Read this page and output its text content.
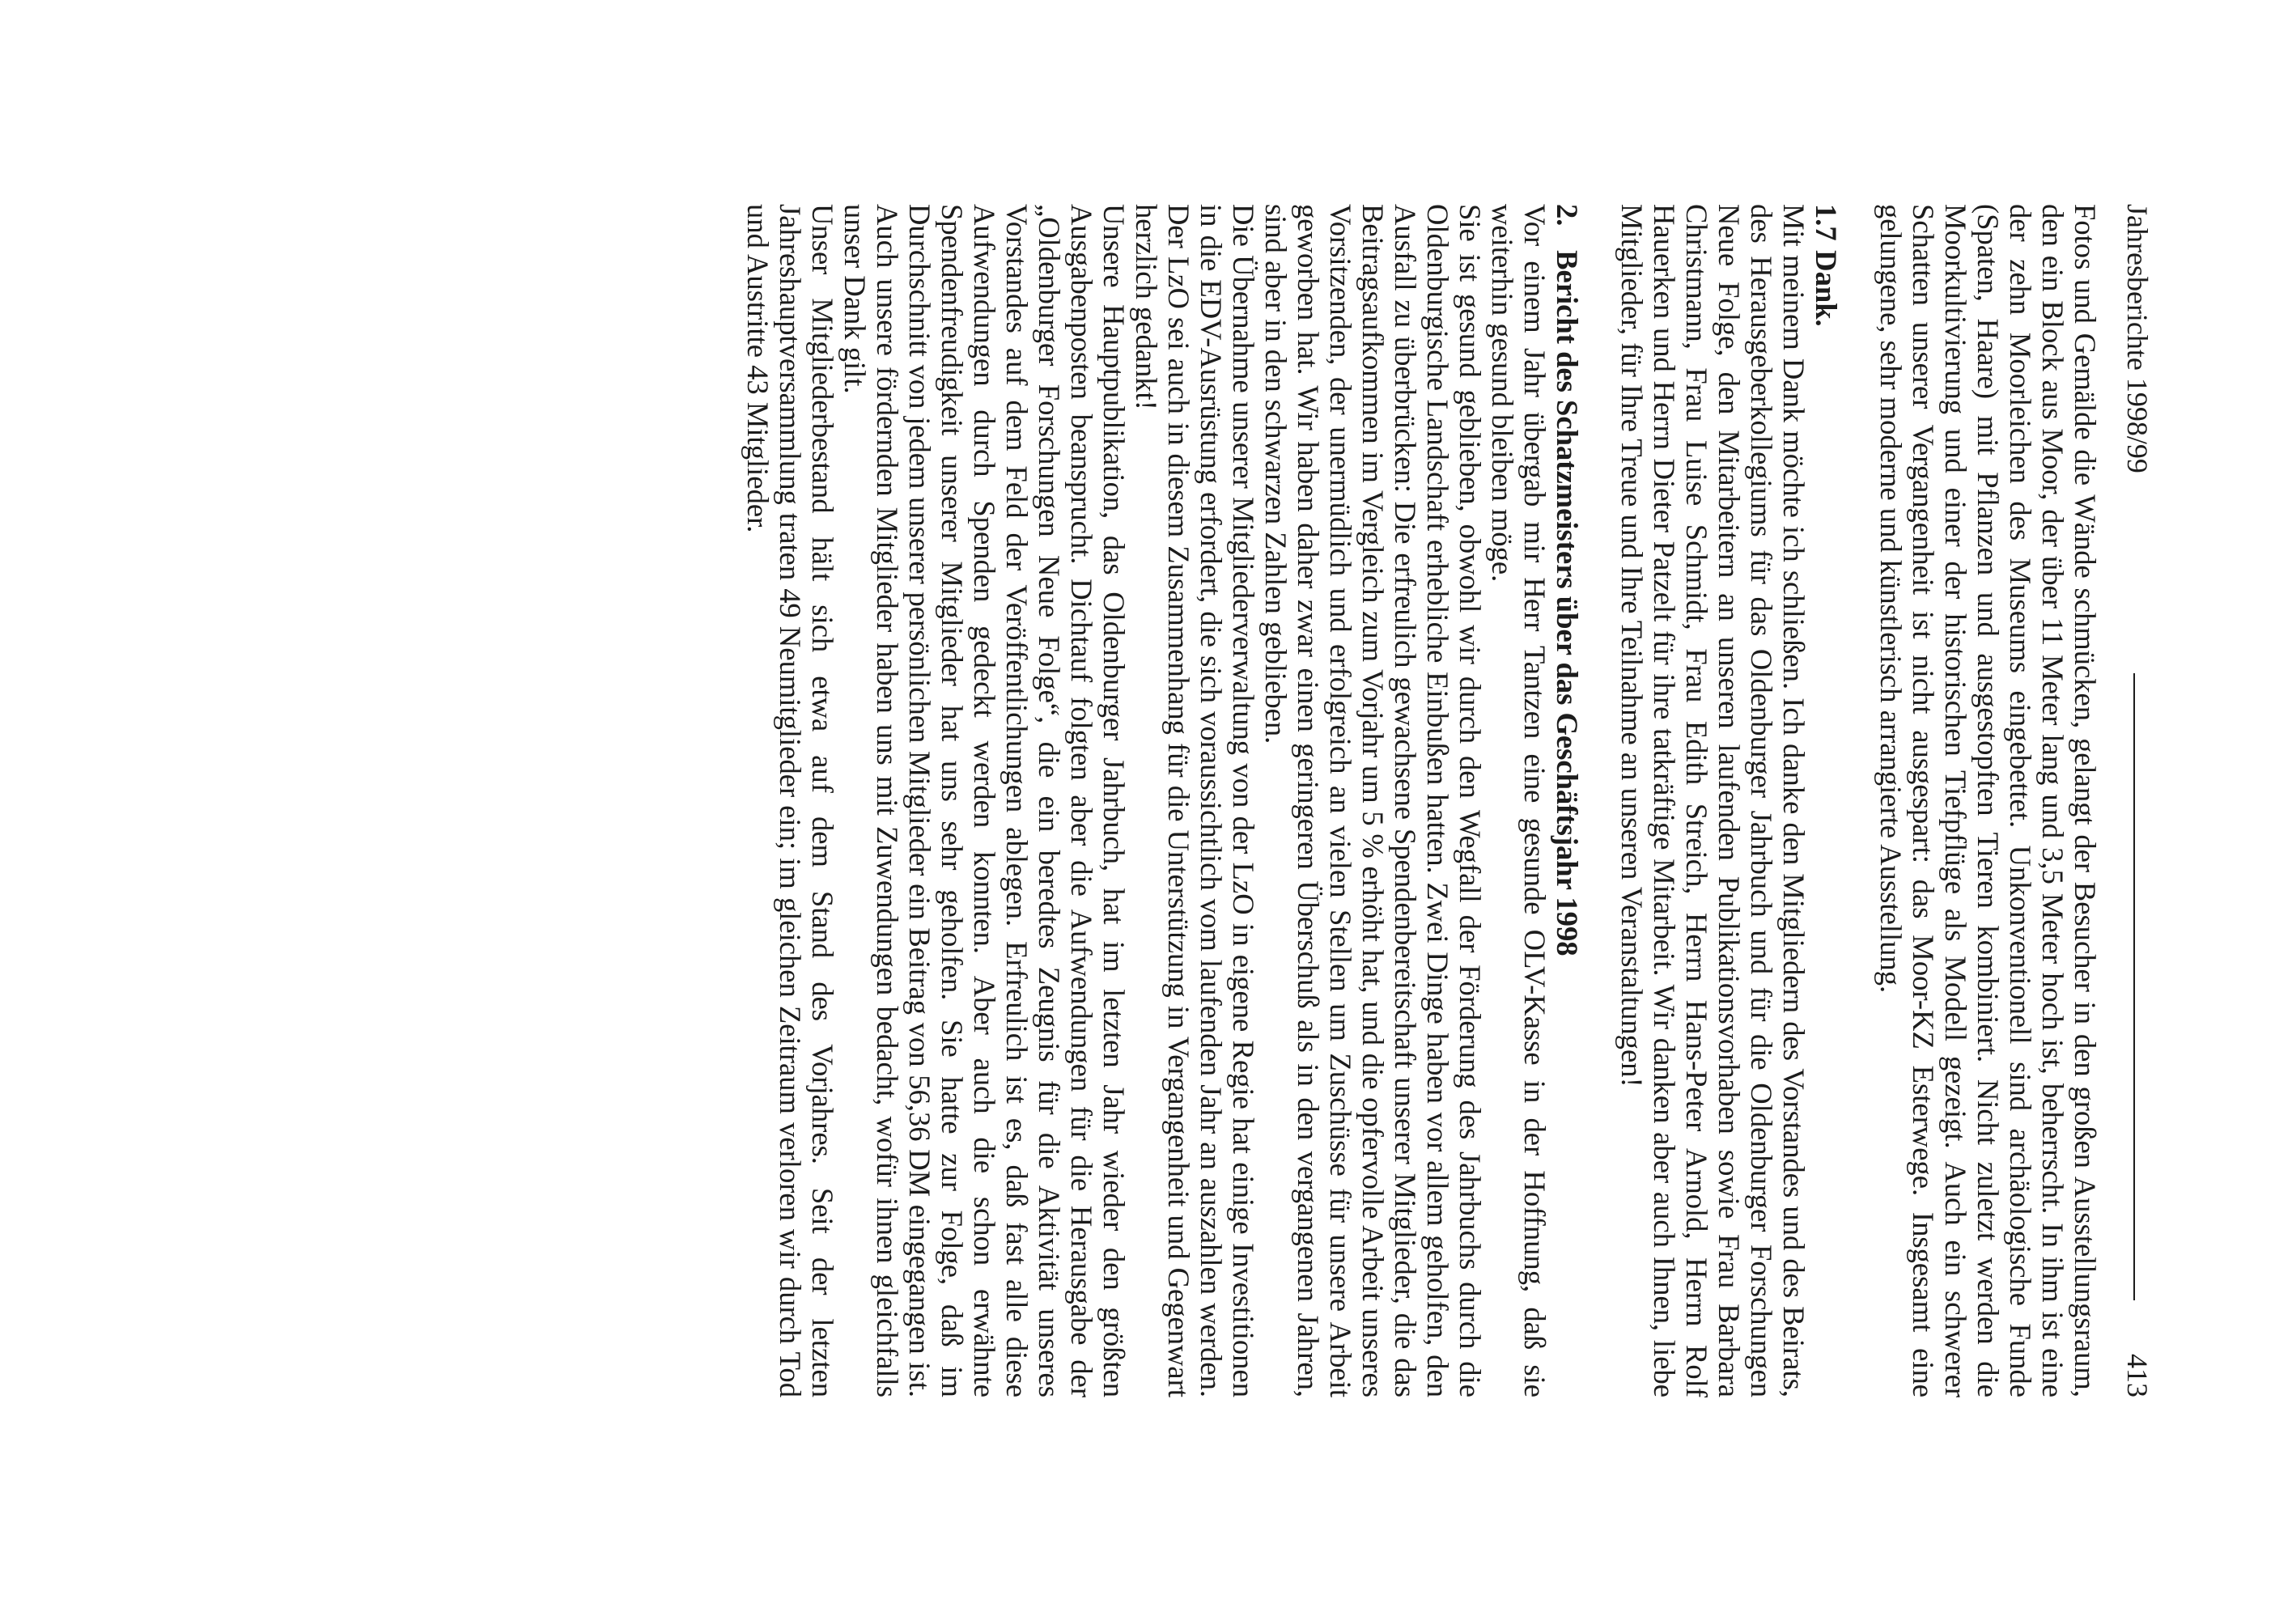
Jahresberichte 1998/99
413

Fotos und Gemälde die Wände schmücken, gelangt der Besucher in den großen Ausstellungsraum, den ein Block aus Moor, der über 11 Meter lang und 3,5 Meter hoch ist, beherrscht. In ihm ist eine der zehn Moorleichen des Museums eingebettet. Unkonventionell sind archäologische Funde (Spaten, Haare) mit Pflanzen und ausgestopften Tieren kombiniert. Nicht zuletzt werden die Moorkultivierung und einer der historischen Tiefpflüge als Modell gezeigt. Auch ein schwerer Schatten unserer Vergangenheit ist nicht ausgespart: das Moor-KZ Esterwege. Insgesamt eine gelungene, sehr moderne und künstlerisch arrangierte Ausstellung.

1.7 Dank.

Mit meinem Dank möchte ich schließen. Ich danke den Mitgliedern des Vorstandes und des Beirats, des Herausgeberkollegiums für das Oldenburger Jahrbuch und für die Oldenburger Forschungen Neue Folge, den Mitarbeitern an unseren laufenden Publikationsvorhaben sowie Frau Barbara Christmann, Frau Luise Schmidt, Frau Edith Streich, Herrn Hans-Peter Arnold, Herrn Rolf Hauerken und Herrn Dieter Patzelt für ihre tatkräftige Mitarbeit. Wir danken aber auch Ihnen, liebe Mitglieder, für Ihre Treue und Ihre Teilnahme an unseren Veranstaltungen!

2. Bericht des Schatzmeisters über das Geschäftsjahr 1998

Vor einem Jahr übergab mir Herr Tantzen eine gesunde OLV-Kasse in der Hoffnung, daß sie weiterhin gesund bleiben möge.

Sie ist gesund geblieben, obwohl wir durch den Wegfall der Förderung des Jahrbuchs durch die Oldenburgische Landschaft erhebliche Einbußen hatten. Zwei Dinge haben vor allem geholfen, den Ausfall zu überbrücken: Die erfreulich gewachsene Spendenbereitschaft unserer Mitglieder, die das Beitragsaufkommen im Vergleich zum Vorjahr um 5 % erhöht hat, und die opfervolle Arbeit unseres Vorsitzenden, der unermüdlich und erfolgreich an vielen Stellen um Zuschüsse für unsere Arbeit geworben hat. Wir haben daher zwar einen geringeren Überschuß als in den vergangenen Jahren, sind aber in den schwarzen Zahlen geblieben.

Die Übernahme unserer Mitgliederverwaltung von der LzO in eigene Regie hat einige Investitionen in die EDV-Ausrüstung erfordert, die sich voraussichtlich vom laufenden Jahr an auszahlen werden. Der LzO sei auch in diesem Zusammenhang für die Unterstützung in Vergangenheit und Gegenwart herzlich gedankt!

Unsere Hauptpublikation, das Oldenburger Jahrbuch, hat im letzten Jahr wieder den größten Ausgabenposten beansprucht. Dichtauf folgten aber die Aufwendungen für die Herausgabe der „Oldenburger Forschungen Neue Folge“, die ein beredtes Zeugnis für die Aktivität unseres Vorstandes auf dem Feld der Veröffentlichungen ablegen. Erfreulich ist es, daß fast alle diese Aufwendungen durch Spenden gedeckt werden konnten. Aber auch die schon erwähnte Spendenfreudigkeit unserer Mitglieder hat uns sehr geholfen. Sie hatte zur Folge, daß im Durchschnitt von jedem unserer persönlichen Mitglieder ein Beitrag von 56,36 DM eingegangen ist. Auch unsere fördernden Mitglieder haben uns mit Zuwendungen bedacht, wofür ihnen gleichfalls unser Dank gilt.

Unser Mitgliederbestand hält sich etwa auf dem Stand des Vorjahres. Seit der letzten Jahreshauptversammlung traten 49 Neumitglieder ein; im gleichen Zeitraum verloren wir durch Tod und Austritte 43 Mitglieder.
